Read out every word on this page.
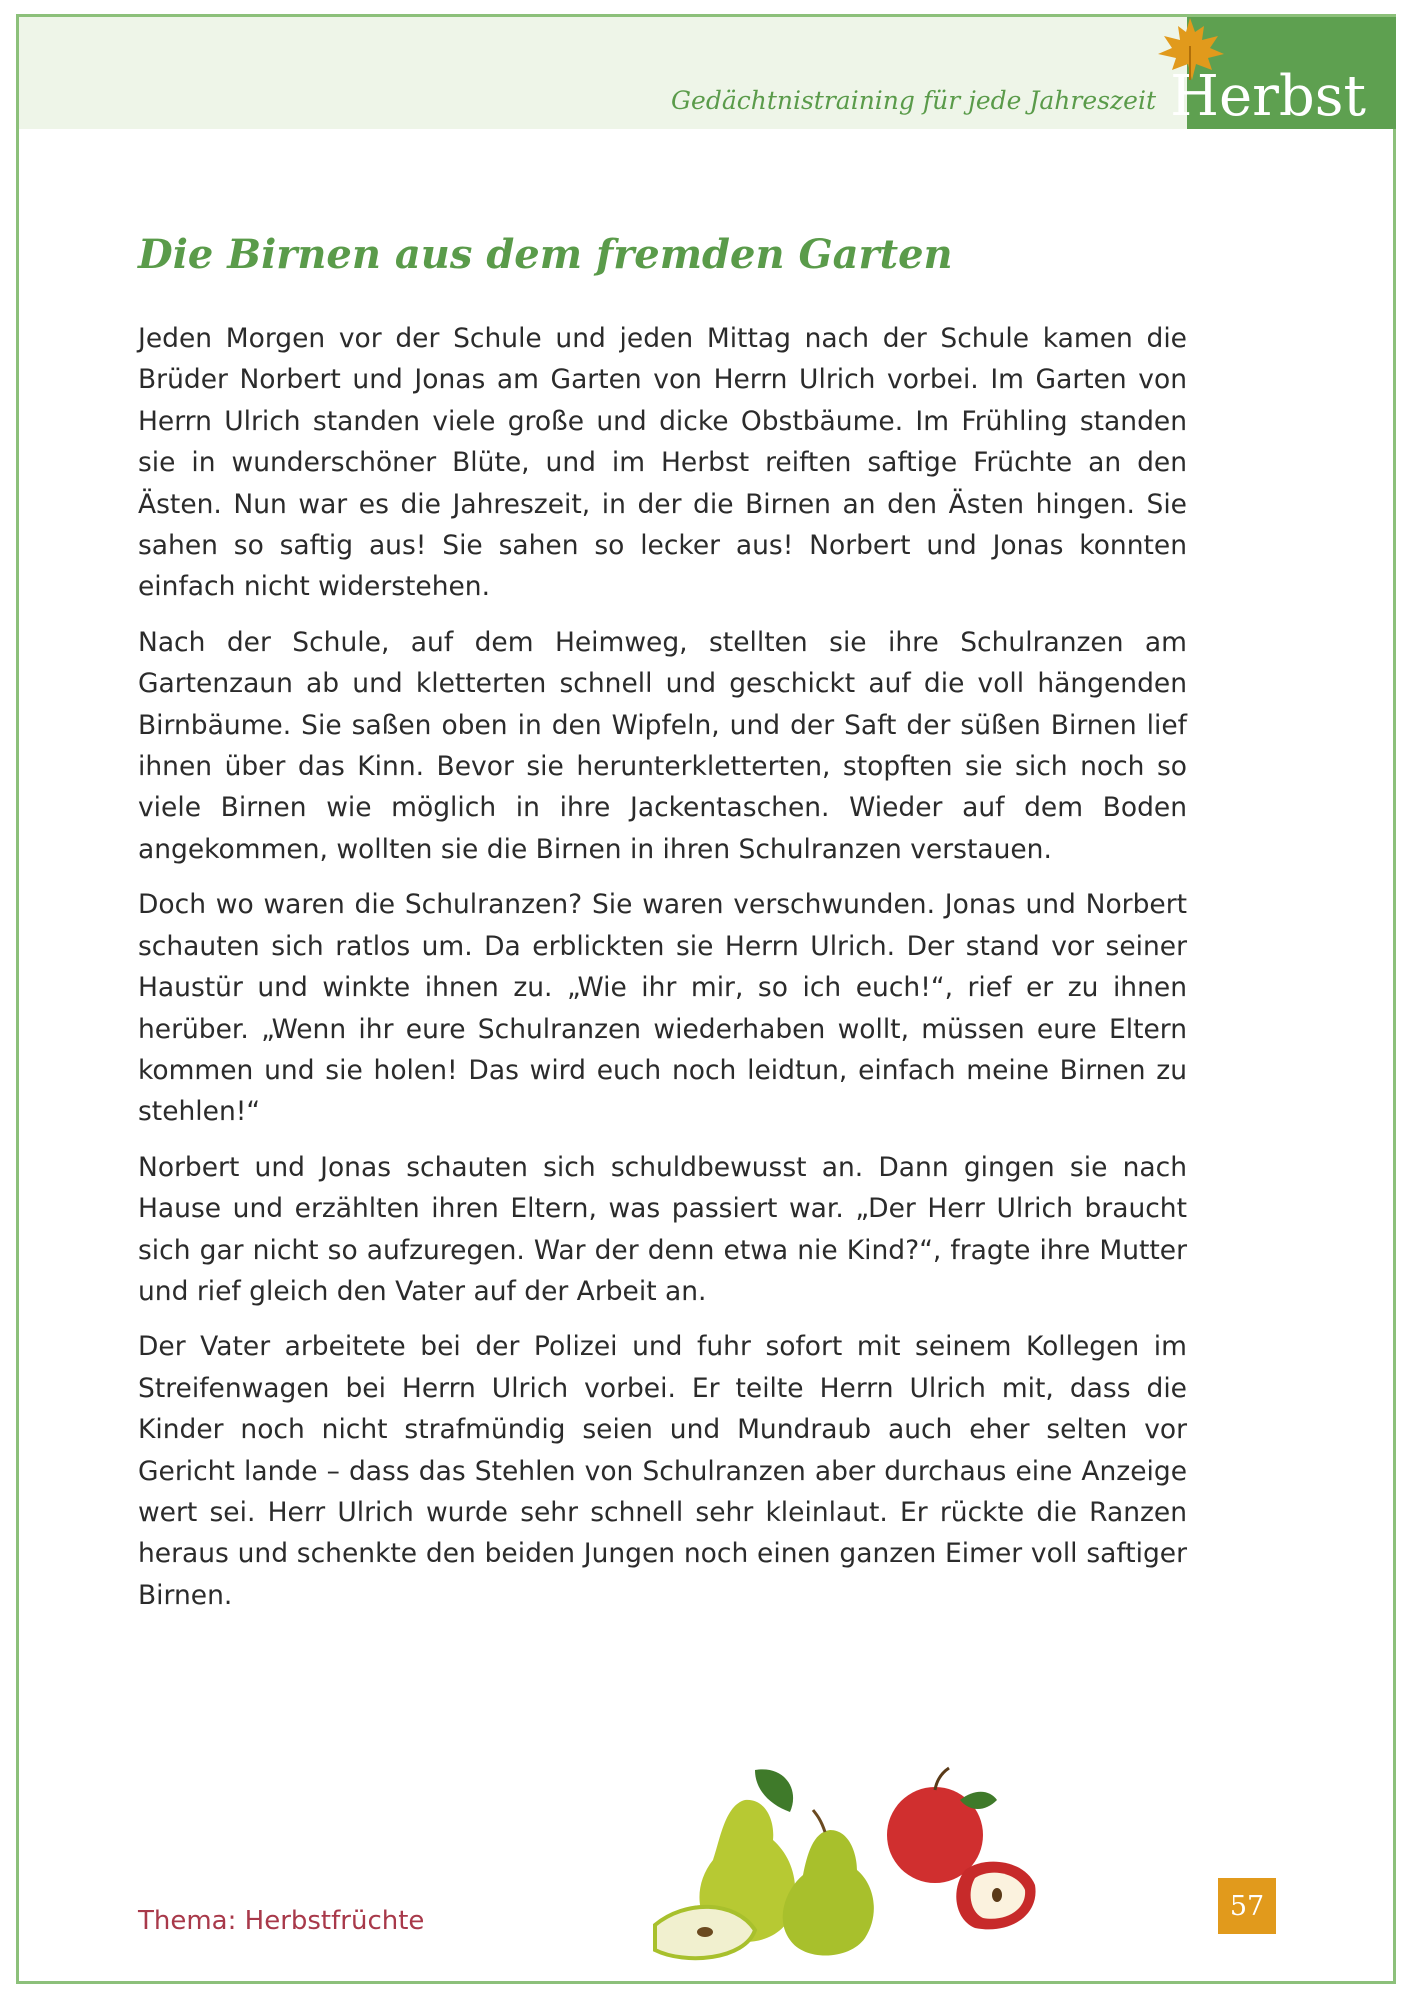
Gedächtnistraining für jede Jahreszeit Herbst
Die Birnen aus dem fremden Garten

Jeden Morgen vor der Schule und jeden Mittag nach der Schule kamen die Brüder Norbert und Jonas am Garten von Herrn Ulrich vorbei. Im Garten von Herrn Ulrich standen viele große und dicke Obstbäume. Im Frühling standen sie in wunderschöner Blüte, und im Herbst reiften saftige Früchte an den Ästen. Nun war es die Jahreszeit, in der die Birnen an den Ästen hingen. Sie sahen so saftig aus! Sie sahen so lecker aus! Norbert und Jonas konnten einfach nicht widerstehen.

Nach der Schule, auf dem Heimweg, stellten sie ihre Schulranzen am Gartenzaun ab und kletterten schnell und geschickt auf die voll hängenden Birnbäume. Sie saßen oben in den Wipfeln, und der Saft der süßen Birnen lief ihnen über das Kinn. Bevor sie herunterkletterten, stopften sie sich noch so viele Birnen wie möglich in ihre Jackentaschen. Wieder auf dem Boden angekommen, wollten sie die Birnen in ihren Schulranzen verstauen.

Doch wo waren die Schulranzen? Sie waren verschwunden. Jonas und Norbert schauten sich ratlos um. Da erblickten sie Herrn Ulrich. Der stand vor seiner Haustür und winkte ihnen zu. „Wie ihr mir, so ich euch!“, rief er zu ihnen herüber. „Wenn ihr eure Schulranzen wiederhaben wollt, müssen eure Eltern kommen und sie holen! Das wird euch noch leidtun, einfach meine Birnen zu stehlen!“

Norbert und Jonas schauten sich schuldbewusst an. Dann gingen sie nach Hause und erzählten ihren Eltern, was passiert war. „Der Herr Ulrich braucht sich gar nicht so aufzuregen. War der denn etwa nie Kind?“, fragte ihre Mutter und rief gleich den Vater auf der Arbeit an.

Der Vater arbeitete bei der Polizei und fuhr sofort mit seinem Kollegen im Streifenwagen bei Herrn Ulrich vorbei. Er teilte Herrn Ulrich mit, dass die Kinder noch nicht strafmündig seien und Mundraub auch eher selten vor Gericht lande – dass das Stehlen von Schulranzen aber durchaus eine Anzeige wert sei. Herr Ulrich wurde sehr schnell sehr kleinlaut. Er rückte die Ranzen heraus und schenkte den beiden Jungen noch einen ganzen Eimer voll saftiger Birnen.

Thema: Herbstfrüchte	57
